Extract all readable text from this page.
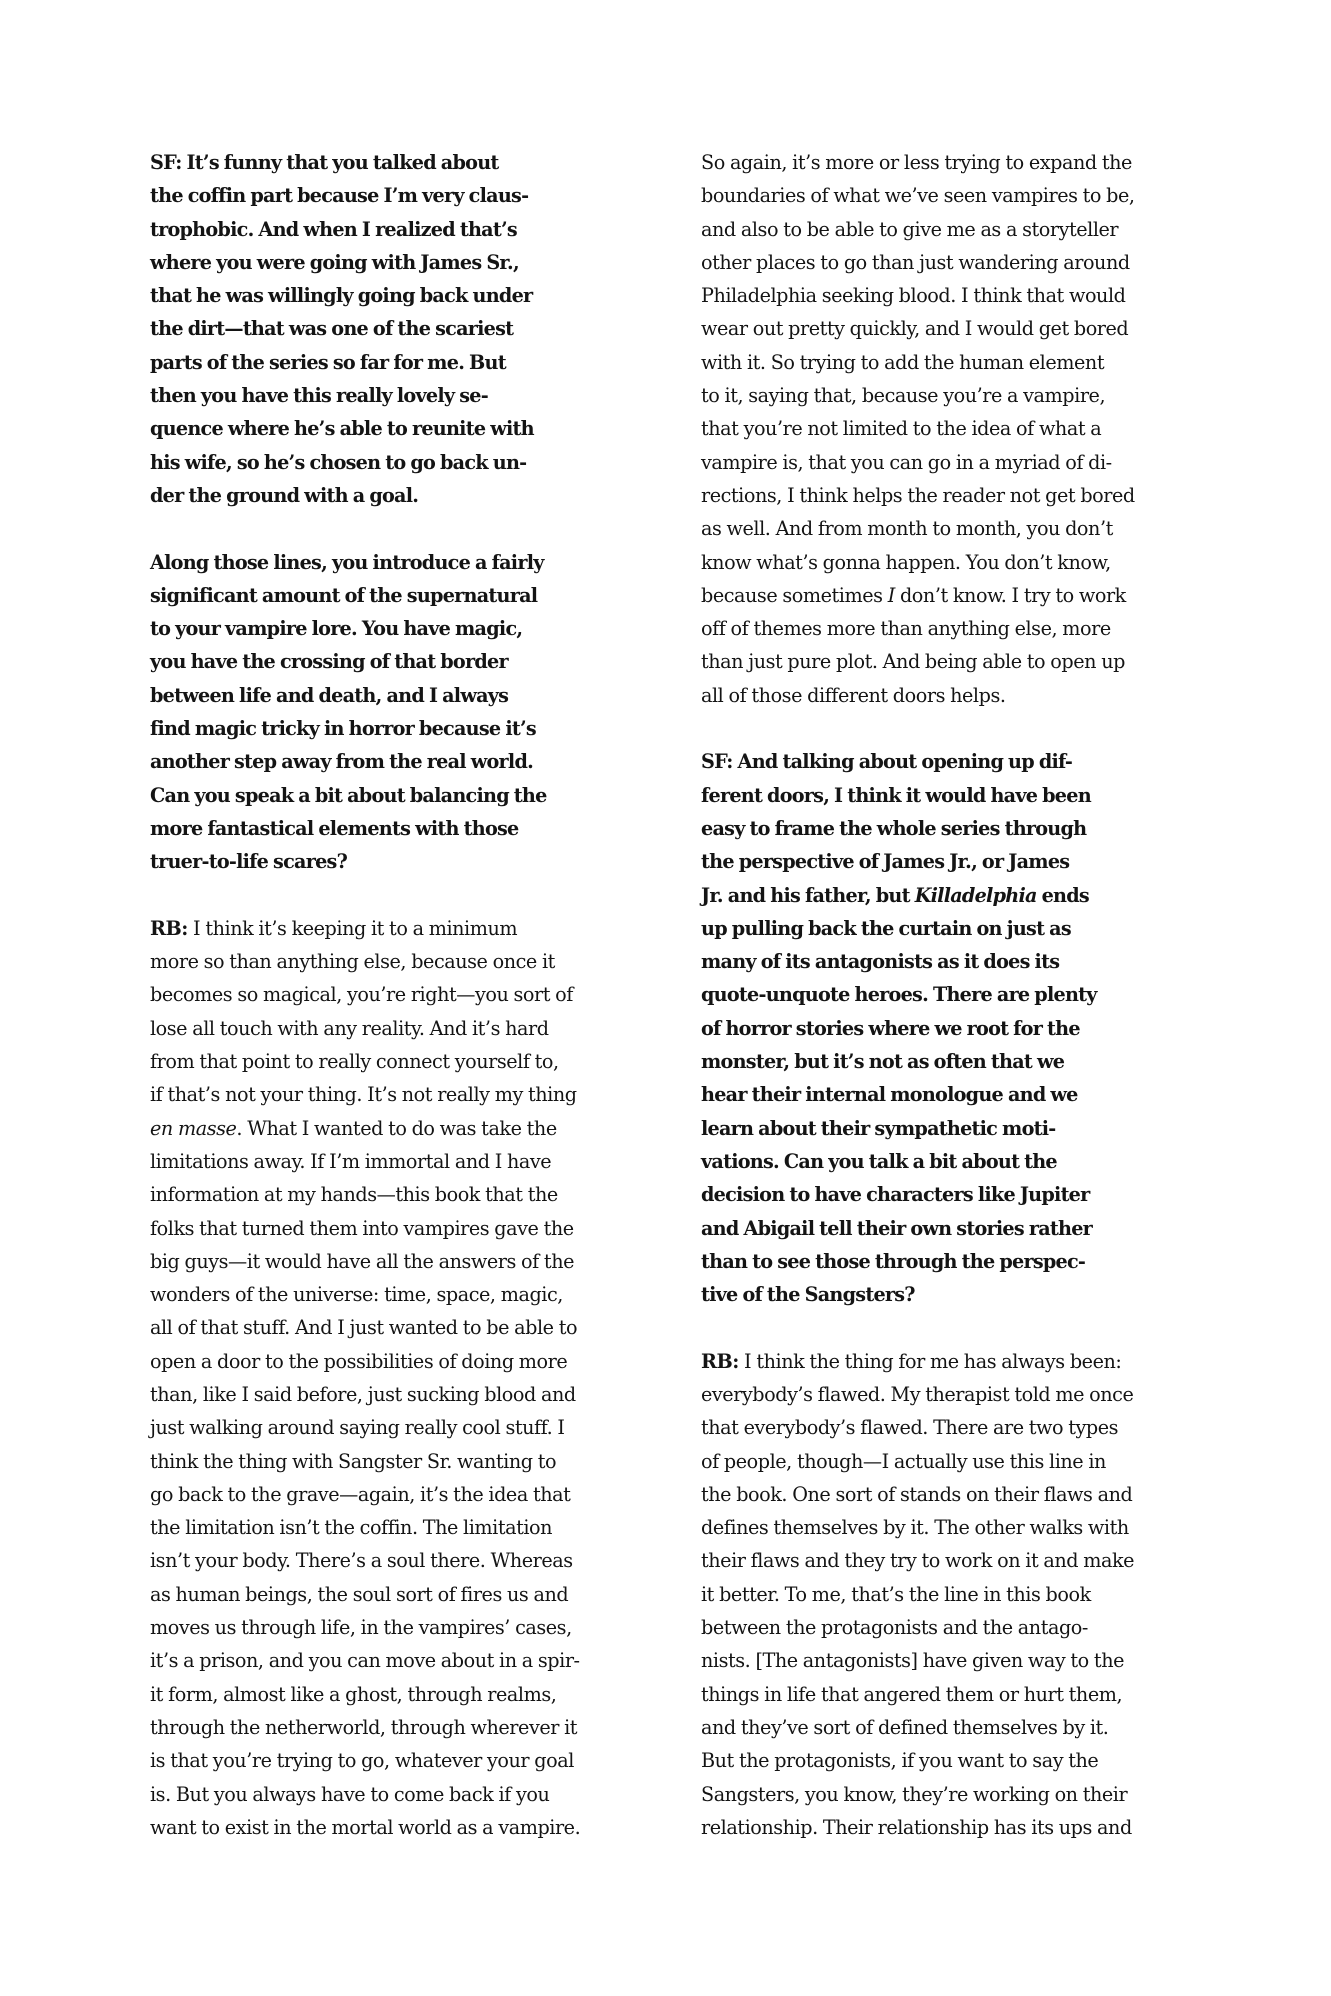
SF: It’s funny that you talked about
the coffin part because I’m very claus-
trophobic. And when I realized that’s
where you were going with James Sr.,
that he was willingly going back under
the dirt—that was one of the scariest
parts of the series so far for me. But
then you have this really lovely se-
quence where he’s able to reunite with
his wife, so he’s chosen to go back un-
der the ground with a goal.
Along those lines, you introduce a fairly
significant amount of the supernatural
to your vampire lore. You have magic,
you have the crossing of that border
between life and death, and I always
find magic tricky in horror because it’s
another step away from the real world.
Can you speak a bit about balancing the
more fantastical elements with those
truer-to-life scares?
RB: I think it’s keeping it to a minimum
more so than anything else, because once it
becomes so magical, you’re right—you sort of
lose all touch with any reality. And it’s hard
from that point to really connect yourself to,
if that’s not your thing. It’s not really my thing
en masse. What I wanted to do was take the
limitations away. If I’m immortal and I have
information at my hands—this book that the
folks that turned them into vampires gave the
big guys—it would have all the answers of the
wonders of the universe: time, space, magic,
all of that stuff. And I just wanted to be able to
open a door to the possibilities of doing more
than, like I said before, just sucking blood and
just walking around saying really cool stuff. I
think the thing with Sangster Sr. wanting to
go back to the grave—again, it’s the idea that
the limitation isn’t the coffin. The limitation
isn’t your body. There’s a soul there. Whereas
as human beings, the soul sort of fires us and
moves us through life, in the vampires’ cases,
it’s a prison, and you can move about in a spir-
it form, almost like a ghost, through realms,
through the netherworld, through wherever it
is that you’re trying to go, whatever your goal
is. But you always have to come back if you
want to exist in the mortal world as a vampire.
So again, it’s more or less trying to expand the
boundaries of what we’ve seen vampires to be,
and also to be able to give me as a storyteller
other places to go than just wandering around
Philadelphia seeking blood. I think that would
wear out pretty quickly, and I would get bored
with it. So trying to add the human element
to it, saying that, because you’re a vampire,
that you’re not limited to the idea of what a
vampire is, that you can go in a myriad of di-
rections, I think helps the reader not get bored
as well. And from month to month, you don’t
know what’s gonna happen. You don’t know,
because sometimes I don’t know. I try to work
off of themes more than anything else, more
than just pure plot. And being able to open up
all of those different doors helps.
SF: And talking about opening up dif-
ferent doors, I think it would have been
easy to frame the whole series through
the perspective of James Jr., or James
Jr. and his father, but Killadelphia ends
up pulling back the curtain on just as
many of its antagonists as it does its
quote-unquote heroes. There are plenty
of horror stories where we root for the
monster, but it’s not as often that we
hear their internal monologue and we
learn about their sympathetic moti-
vations. Can you talk a bit about the
decision to have characters like Jupiter
and Abigail tell their own stories rather
than to see those through the perspec-
tive of the Sangsters?
RB: I think the thing for me has always been:
everybody’s flawed. My therapist told me once
that everybody’s flawed. There are two types
of people, though—I actually use this line in
the book. One sort of stands on their flaws and
defines themselves by it. The other walks with
their flaws and they try to work on it and make
it better. To me, that’s the line in this book
between the protagonists and the antago-
nists. [The antagonists] have given way to the
things in life that angered them or hurt them,
and they’ve sort of defined themselves by it.
But the protagonists, if you want to say the
Sangsters, you know, they’re working on their
relationship. Their relationship has its ups and
